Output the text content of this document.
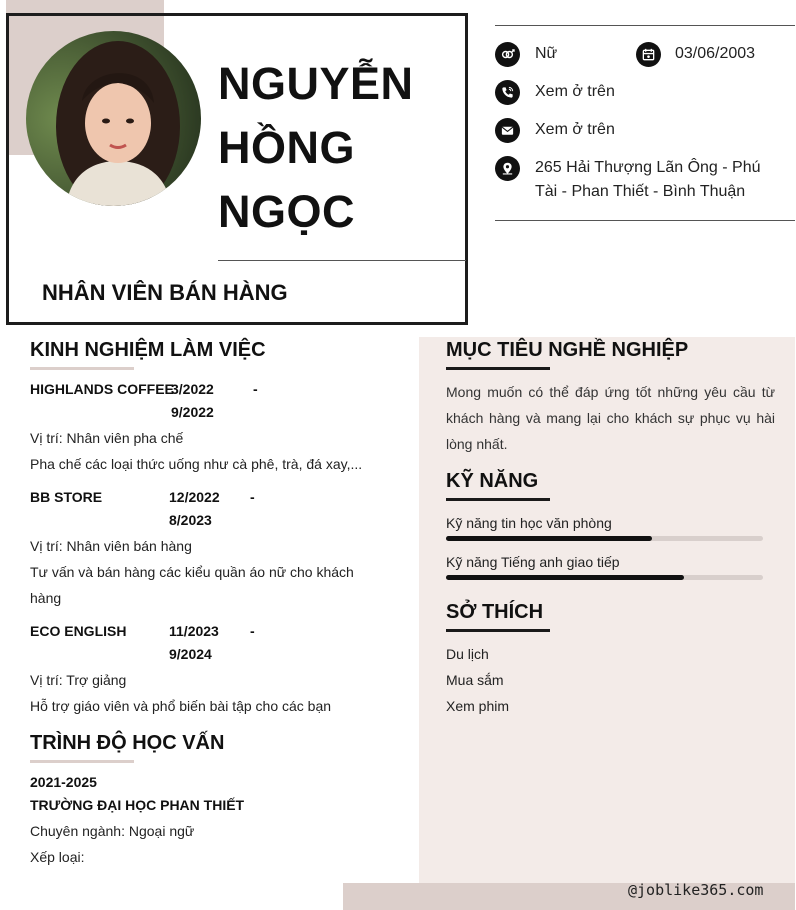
NGUYỄN
HỒNG
NGỌC
NHÂN VIÊN BÁN HÀNG
Nữ	03/06/2003
Xem ở trên
Xem ở trên
265 Hải Thượng Lãn Ông - Phú
Tài - Phan Thiết - Bình Thuận
KINH NGHIỆM LÀM VIỆC
HIGHLANDS COFFEE
3/2022	-
9/2022
Vị trí: Nhân viên pha chế
Pha chế các loại thức uống như cà phê, trà, đá xay,...
BB STORE	12/2022 -
8/2023
Vị trí: Nhân viên bán hàng
Tư vấn và bán hàng các kiểu quần áo nữ cho khách
hàng
ECO ENGLISH	11/2023 -
9/2024
Vị trí: Trợ giảng
Hỗ trợ giáo viên và phổ biến bài tập cho các bạn
TRÌNH ĐỘ HỌC VẤN
2021-2025
TRƯỜNG ĐẠI HỌC PHAN THIẾT
Chuyên ngành: Ngoại ngữ
Xếp loại:
MỤC TIÊU NGHỀ NGHIỆP
Mong muốn có thể đáp ứng tốt những yêu cầu từ khách hàng và mang lại cho khách sự phục vụ hài lòng nhất.
KỸ NĂNG
Kỹ năng tin học văn phòng
Kỹ năng Tiếng anh giao tiếp
SỞ THÍCH
Du lịch
Mua sắm
Xem phim
@joblike365.com
